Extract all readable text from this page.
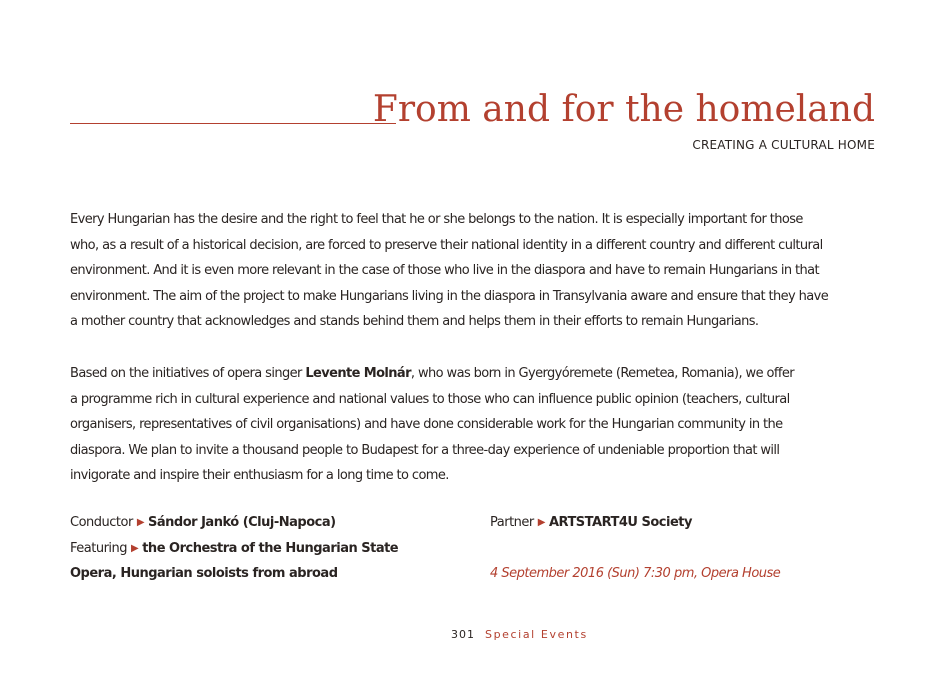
From and for the homeland
CREATING A CULTURAL HOME

Every Hungarian has the desire and the right to feel that he or she belongs to the nation. It is especially important for those
who, as a result of a historical decision, are forced to preserve their national identity in a different country and different cultural
environment. And it is even more relevant in the case of those who live in the diaspora and have to remain Hungarians in that
environment. The aim of the project to make Hungarians living in the diaspora in Transylvania aware and ensure that they have
a mother country that acknowledges and stands behind them and helps them in their efforts to remain Hungarians.

Based on the initiatives of opera singer Levente Molnár, who was born in Gyergyóremete (Remetea, Romania), we offer
a programme rich in cultural experience and national values to those who can influence public opinion (teachers, cultural
organisers, representatives of civil organisations) and have done considerable work for the Hungarian community in the
diaspora. We plan to invite a thousand people to Budapest for a three-day experience of undeniable proportion that will
invigorate and inspire their enthusiasm for a long time to come.

Conductor ▶ Sándor Jankó (Cluj-Napoca)
Featuring ▶ the Orchestra of the Hungarian State
Opera, Hungarian soloists from abroad
Partner ▶ ARTSTART4U Society

4 September 2016 (Sun) 7:30 pm, Opera House
301 Special Events
